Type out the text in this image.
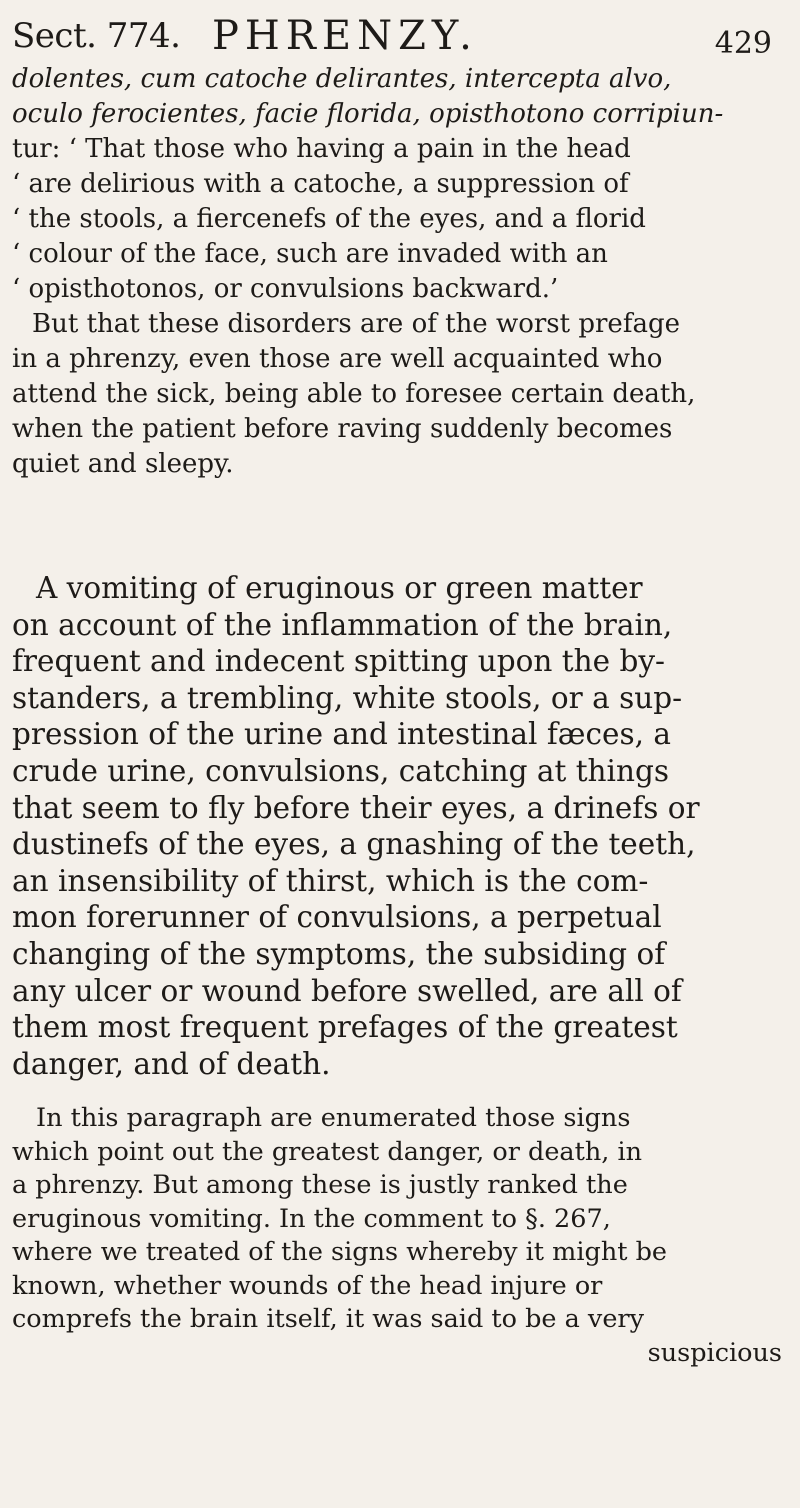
Sect. 774. PHRENZY.	429
dolentes, cum catoche delirantes, intercepta alvo,
oculo ferocientes, facie florida, opisthotono corripiun-
tur: ‘ That those who having a pain in the head
‘ are delirious with a catoche, a suppression of
‘ the stools, a fiercenefs of the eyes, and a florid
‘ colour of the face, such are invaded with an
‘ opisthotonos, or convulsions backward.’
But that these disorders are of the worst prefage
in a phrenzy, even those are well acquainted who
attend the sick, being able to foresee certain death,
when the patient before raving suddenly becomes
quiet and sleepy.
A vomiting of eruginous or green matter
on account of the inflammation of the brain,
frequent and indecent spitting upon the by-
standers, a trembling, white stools, or a sup-
pression of the urine and intestinal fæces, a
crude urine, convulsions, catching at things
that seem to fly before their eyes, a drinefs or
dustinefs of the eyes, a gnashing of the teeth,
an insensibility of thirst, which is the com-
mon forerunner of convulsions, a perpetual
changing of the symptoms, the subsiding of
any ulcer or wound before swelled, are all of
them most frequent prefages of the greatest
danger, and of death.
In this paragraph are enumerated those signs
which point out the greatest danger, or death, in
a phrenzy. But among these is justly ranked the
eruginous vomiting. In the comment to §. 267,
where we treated of the signs whereby it might be
known, whether wounds of the head injure or
comprefs the brain itself, it was said to be a very
suspicious
